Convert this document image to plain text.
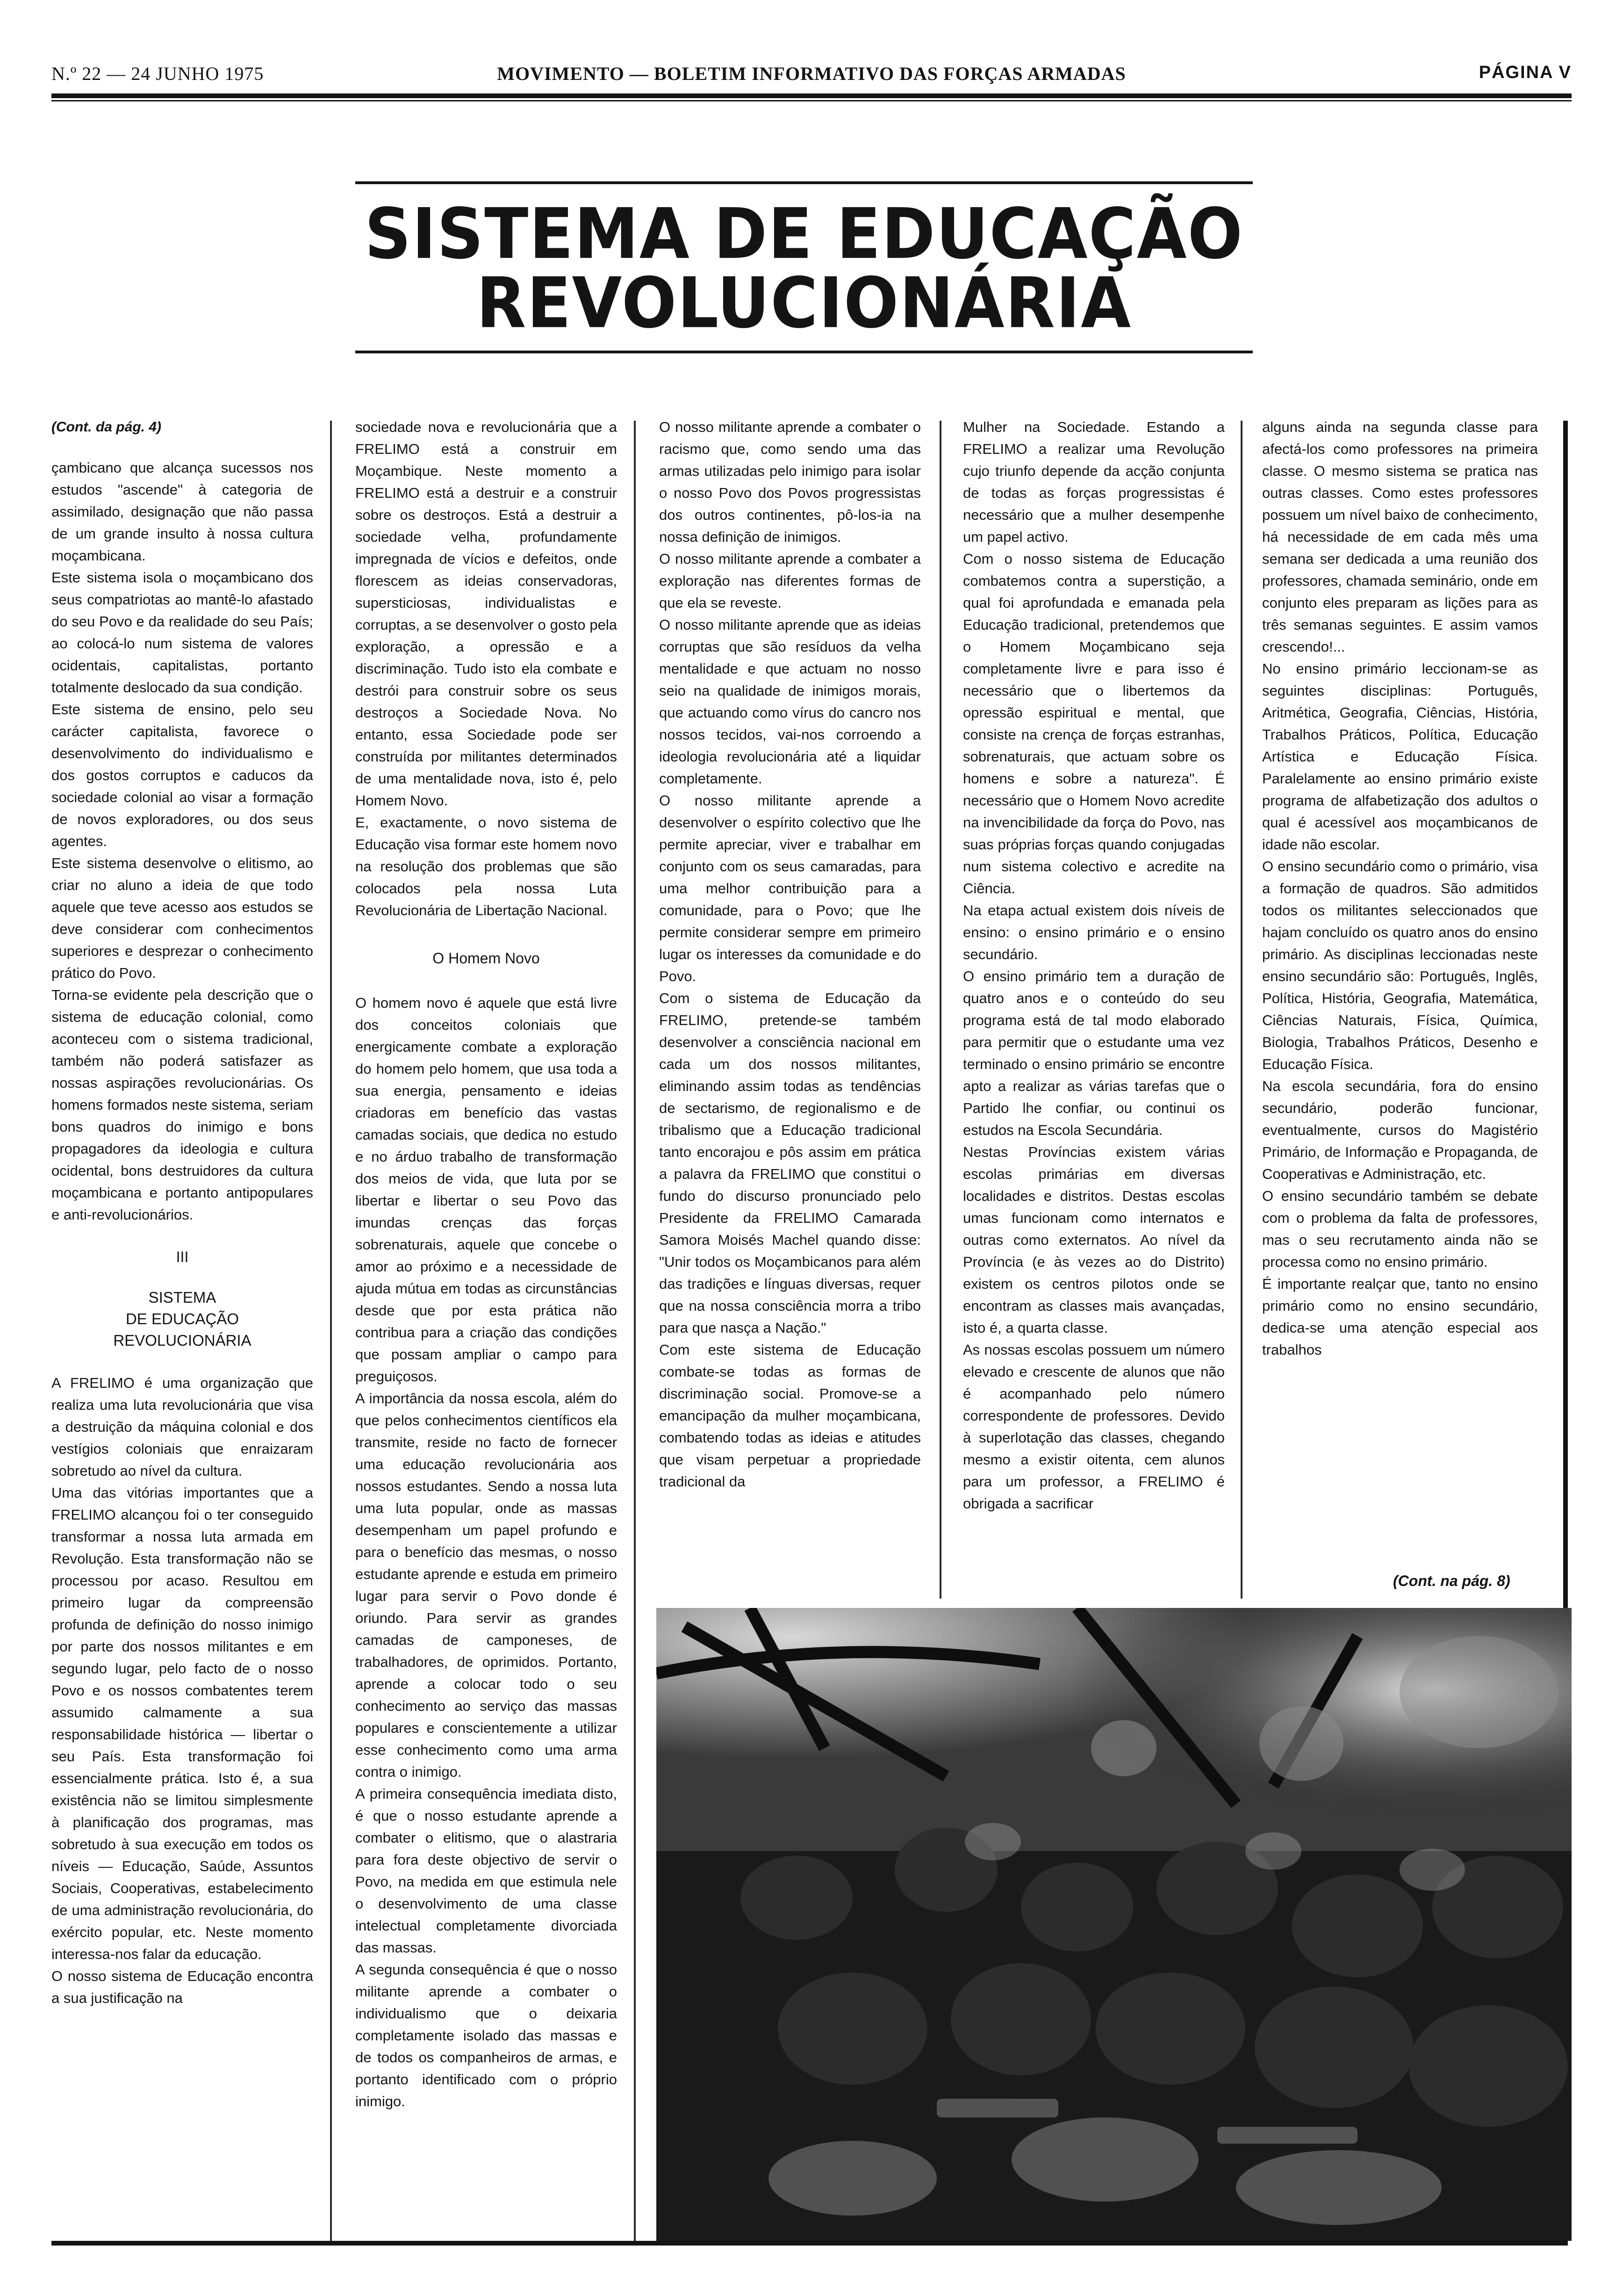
N.º 22 — 24 JUNHO 1975	MOVIMENTO — BOLETIM INFORMATIVO DAS FORÇAS ARMADAS	PÁGINA V
SISTEMA DE EDUCAÇÃO
REVOLUCIONÁRIA

(Cont. da pág. 4)

çambicano que alcança sucessos nos estudos "ascende" à categoria de assimilado, designação que não passa de um grande insulto à nossa cultura moçambicana.

Este sistema isola o moçambicano dos seus compatriotas ao mantê-lo afastado do seu Povo e da realidade do seu País; ao colocá-lo num sistema de valores ocidentais, capitalistas, portanto totalmente deslocado da sua condição.

Este sistema de ensino, pelo seu carácter capitalista, favorece o desenvolvimento do individualismo e dos gostos corruptos e caducos da sociedade colonial ao visar a formação de novos exploradores, ou dos seus agentes.

Este sistema desenvolve o elitismo, ao criar no aluno a ideia de que todo aquele que teve acesso aos estudos se deve considerar com conhecimentos superiores e desprezar o conhecimento prático do Povo.

Torna-se evidente pela descrição que o sistema de educação colonial, como aconteceu com o sistema tradicional, também não poderá satisfazer as nossas aspirações revolucionárias. Os homens formados neste sistema, seriam bons quadros do inimigo e bons propagadores da ideologia e cultura ocidental, bons destruidores da cultura moçambicana e portanto antipopulares e anti-revolucionários.

III
SISTEMA
DE EDUCAÇÃO
REVOLUCIONÁRIA

A FRELIMO é uma organização que realiza uma luta revolucionária que visa a destruição da máquina colonial e dos vestígios coloniais que enraizaram sobretudo ao nível da cultura.

Uma das vitórias importantes que a FRELIMO alcançou foi o ter conseguido transformar a nossa luta armada em Revolução. Esta transformação não se processou por acaso. Resultou em primeiro lugar da compreensão profunda de definição do nosso inimigo por parte dos nossos militantes e em segundo lugar, pelo facto de o nosso Povo e os nossos combatentes terem assumido calmamente a sua responsabilidade histórica — libertar o seu País. Esta transformação foi essencialmente prática. Isto é, a sua existência não se limitou simplesmente à planificação dos programas, mas sobretudo à sua execução em todos os níveis — Educação, Saúde, Assuntos Sociais, Cooperativas, estabelecimento de uma administração revolucionária, do exército popular, etc. Neste momento interessa-nos falar da educação.

O nosso sistema de Educação encontra a sua justificação na

sociedade nova e revolucionária que a FRELIMO está a construir em Moçambique. Neste momento a FRELIMO está a destruir e a construir sobre os destroços. Está a destruir a sociedade velha, profundamente impregnada de vícios e defeitos, onde florescem as ideias conservadoras, supersticiosas, individualistas e corruptas, a se desenvolver o gosto pela exploração, a opressão e a discriminação. Tudo isto ela combate e destrói para construir sobre os seus destroços a Sociedade Nova. No entanto, essa Sociedade pode ser construída por militantes determinados de uma mentalidade nova, isto é, pelo Homem Novo.

E, exactamente, o novo sistema de Educação visa formar este homem novo na resolução dos problemas que são colocados pela nossa Luta Revolucionária de Libertação Nacional.

O Homem Novo

O homem novo é aquele que está livre dos conceitos coloniais que energicamente combate a exploração do homem pelo homem, que usa toda a sua energia, pensamento e ideias criadoras em benefício das vastas camadas sociais, que dedica no estudo e no árduo trabalho de transformação dos meios de vida, que luta por se libertar e libertar o seu Povo das imundas crenças das forças sobrenaturais, aquele que concebe o amor ao próximo e a necessidade de ajuda mútua em todas as circunstâncias desde que por esta prática não contribua para a criação das condições que possam ampliar o campo para preguiçosos.

A importância da nossa escola, além do que pelos conhecimentos científicos ela transmite, reside no facto de fornecer uma educação revolucionária aos nossos estudantes. Sendo a nossa luta uma luta popular, onde as massas desempenham um papel profundo e para o benefício das mesmas, o nosso estudante aprende e estuda em primeiro lugar para servir o Povo donde é oriundo. Para servir as grandes camadas de camponeses, de trabalhadores, de oprimidos. Portanto, aprende a colocar todo o seu conhecimento ao serviço das massas populares e conscientemente a utilizar esse conhecimento como uma arma contra o inimigo.

A primeira consequência imediata disto, é que o nosso estudante aprende a combater o elitismo, que o alastraria para fora deste objectivo de servir o Povo, na medida em que estimula nele o desenvolvimento de uma classe intelectual completamente divorciada das massas.

A segunda consequência é que o nosso militante aprende a combater o individualismo que o deixaria completamente isolado das massas e de todos os companheiros de armas, e portanto identificado com o próprio inimigo.

O nosso militante aprende a combater o racismo que, como sendo uma das armas utilizadas pelo inimigo para isolar o nosso Povo dos Povos progressistas dos outros continentes, pô-los-ia na nossa definição de inimigos.

O nosso militante aprende a combater a exploração nas diferentes formas de que ela se reveste.

O nosso militante aprende que as ideias corruptas que são resíduos da velha mentalidade e que actuam no nosso seio na qualidade de inimigos morais, que actuando como vírus do cancro nos nossos tecidos, vai-nos corroendo a ideologia revolucionária até a liquidar completamente.

O nosso militante aprende a desenvolver o espírito colectivo que lhe permite apreciar, viver e trabalhar em conjunto com os seus camaradas, para uma melhor contribuição para a comunidade, para o Povo; que lhe permite considerar sempre em primeiro lugar os interesses da comunidade e do Povo.

Com o sistema de Educação da FRELIMO, pretende-se também desenvolver a consciência nacional em cada um dos nossos militantes, eliminando assim todas as tendências de sectarismo, de regionalismo e de tribalismo que a Educação tradicional tanto encorajou e pôs assim em prática a palavra da FRELIMO que constitui o fundo do discurso pronunciado pelo Presidente da FRELIMO Camarada Samora Moisés Machel quando disse: "Unir todos os Moçambicanos para além das tradições e línguas diversas, requer que na nossa consciência morra a tribo para que nasça a Nação."

Com este sistema de Educação combate-se todas as formas de discriminação social. Promove-se a emancipação da mulher moçambicana, combatendo todas as ideias e atitudes que visam perpetuar a propriedade tradicional da

Mulher na Sociedade. Estando a FRELIMO a realizar uma Revolução cujo triunfo depende da acção conjunta de todas as forças progressistas é necessário que a mulher desempenhe um papel activo.

Com o nosso sistema de Educação combatemos contra a superstição, a qual foi aprofundada e emanada pela Educação tradicional, pretendemos que o Homem Moçambicano seja completamente livre e para isso é necessário que o libertemos da opressão espiritual e mental, que consiste na crença de forças estranhas, sobrenaturais, que actuam sobre os homens e sobre a natureza". É necessário que o Homem Novo acredite na invencibilidade da força do Povo, nas suas próprias forças quando conjugadas num sistema colectivo e acredite na Ciência.

Na etapa actual existem dois níveis de ensino: o ensino primário e o ensino secundário.

O ensino primário tem a duração de quatro anos e o conteúdo do seu programa está de tal modo elaborado para permitir que o estudante uma vez terminado o ensino primário se encontre apto a realizar as várias tarefas que o Partido lhe confiar, ou continui os estudos na Escola Secundária.

Nestas Províncias existem várias escolas primárias em diversas localidades e distritos. Destas escolas umas funcionam como internatos e outras como externatos. Ao nível da Província (e às vezes ao do Distrito) existem os centros pilotos onde se encontram as classes mais avançadas, isto é, a quarta classe.

As nossas escolas possuem um número elevado e crescente de alunos que não é acompanhado pelo número correspondente de professores. Devido à superlotação das classes, chegando mesmo a existir oitenta, cem alunos para um professor, a FRELIMO é obrigada a sacrificar

alguns ainda na segunda classe para afectá-los como professores na primeira classe. O mesmo sistema se pratica nas outras classes. Como estes professores possuem um nível baixo de conhecimento, há necessidade de em cada mês uma semana ser dedicada a uma reunião dos professores, chamada seminário, onde em conjunto eles preparam as lições para as três semanas seguintes. E assim vamos crescendo!...

No ensino primário leccionam-se as seguintes disciplinas: Português, Aritmética, Geografia, Ciências, História, Trabalhos Práticos, Política, Educação Artística e Educação Física. Paralelamente ao ensino primário existe programa de alfabetização dos adultos o qual é acessível aos moçambicanos de idade não escolar.

O ensino secundário como o primário, visa a formação de quadros. São admitidos todos os militantes seleccionados que hajam concluído os quatro anos do ensino primário. As disciplinas leccionadas neste ensino secundário são: Português, Inglês, Política, História, Geografia, Matemática, Ciências Naturais, Física, Química, Biologia, Trabalhos Práticos, Desenho e Educação Física.

Na escola secundária, fora do ensino secundário, poderão funcionar, eventualmente, cursos do Magistério Primário, de Informação e Propaganda, de Cooperativas e Administração, etc.

O ensino secundário também se debate com o problema da falta de professores, mas o seu recrutamento ainda não se processa como no ensino primário.

É importante realçar que, tanto no ensino primário como no ensino secundário, dedica-se uma atenção especial aos trabalhos

(Cont. na pág. 8)
